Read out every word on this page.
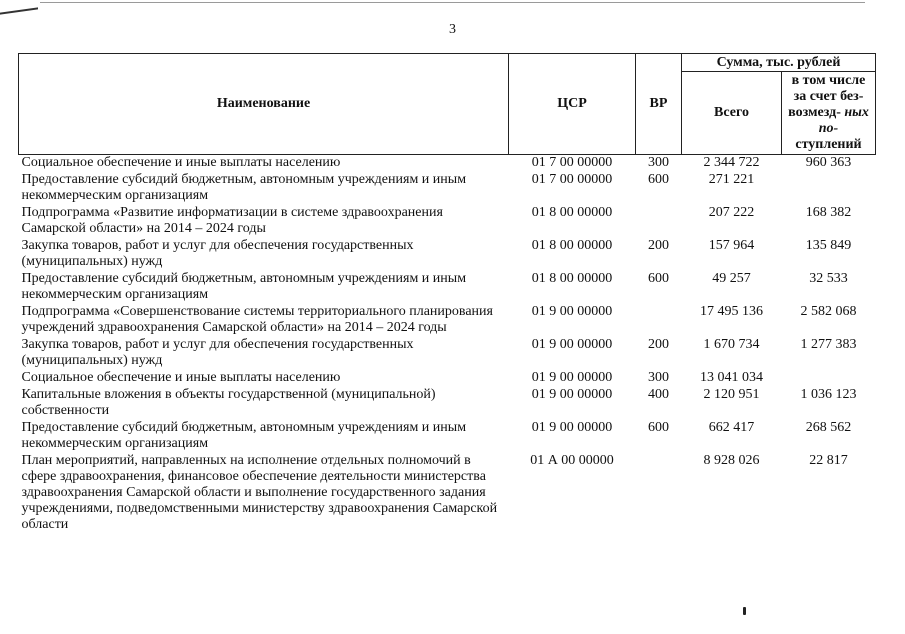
3
Наименование	ЦСР	ВР	Сумма, тыс. рублей	
			Всего	в том числе за счет без-возмезд- ных по- ступлений
Социальное обеспечение и иные выплаты населению	01 7 00 00000	300	2 344 722	960 363
Предоставление субсидий бюджетным, автономным учреждениям и иным некоммерческим организациям	01 7 00 00000	600	271 221	
Подпрограмма «Развитие информатизации в системе здравоохранения Самарской области» на 2014 – 2024 годы	01 8 00 00000		207 222	168 382
Закупка товаров, работ и услуг для обеспечения государственных (муниципальных) нужд	01 8 00 00000	200	157 964	135 849
Предоставление субсидий бюджетным, автономным учреждениям и иным некоммерческим организациям	01 8 00 00000	600	49 257	32 533
Подпрограмма «Совершенствование системы территориального планирования учреждений здравоохранения Самарской области» на 2014 – 2024 годы	01 9 00 00000		17 495 136	2 582 068
Закупка товаров, работ и услуг для обеспечения государственных (муниципальных) нужд	01 9 00 00000	200	1 670 734	1 277 383
Социальное обеспечение и иные выплаты населению	01 9 00 00000	300	13 041 034	
Капитальные вложения в объекты государственной (муниципальной) собственности	01 9 00 00000	400	2 120 951	1 036 123
Предоставление субсидий бюджетным, автономным учреждениям и иным некоммерческим организациям	01 9 00 00000	600	662 417	268 562
План мероприятий, направленных на исполнение отдельных полномочий в сфере здравоохранения, финансовое обеспечение деятельности министерства здравоохранения Самарской области и выполнение государственного задания учреждениями, подведомственными министерству здравоохранения Самарской области	01 А 00 00000		8 928 026	22 817
